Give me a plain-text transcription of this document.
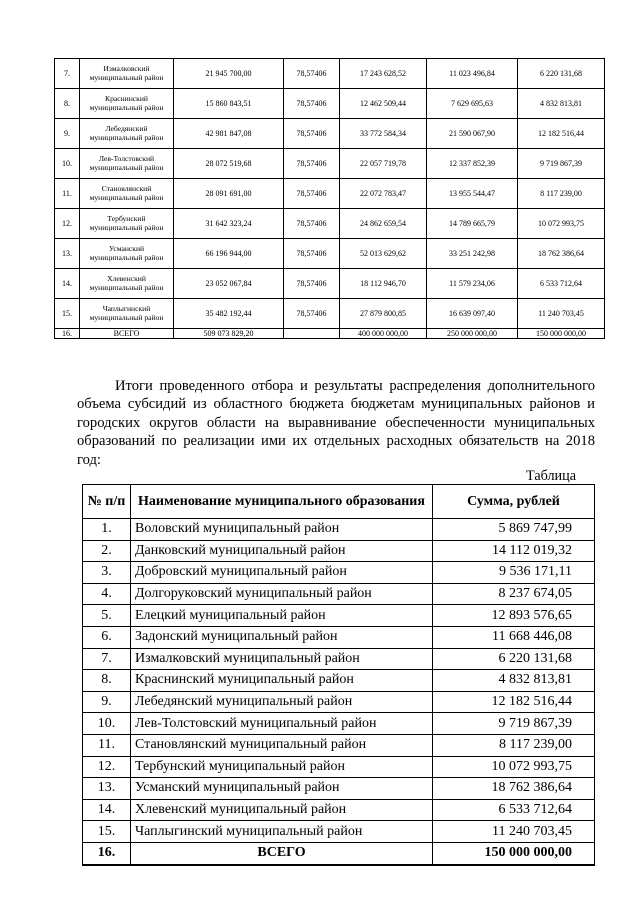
7.	Измалковский муниципальный район	21 945 700,00	78,57406	17 243 628,52	11 023 496,84	6 220 131,68
8.	Краснинский муниципальный район	15 860 843,51	78,57406	12 462 509,44	7 629 695,63	4 832 813,81
9.	Лебедянский муниципальный район	42 981 847,08	78,57406	33 772 584,34	21 590 067,90	12 182 516,44
10.	Лев-Толстовский муниципальный район	28 072 519,68	78,57406	22 057 719,78	12 337 852,39	9 719 867,39
11.	Становлянский муниципальный район	28 091 691,00	78,57406	22 072 783,47	13 955 544,47	8 117 239,00
12.	Тербунский муниципальный район	31 642 323,24	78,57406	24 862 659,54	14 789 665,79	10 072 993,75
13.	Усманский муниципальный район	66 196 944,00	78,57406	52 013 629,62	33 251 242,98	18 762 386,64
14.	Хлевенский муниципальный район	23 052 067,84	78,57406	18 112 946,70	11 579 234,06	6 533 712,64
15.	Чаплыгинский муниципальный район	35 482 192,44	78,57406	27 879 800,85	16 639 097,40	11 240 703,45
16.	ВСЕГО	509 073 829,20		400 000 000,00	250 000 000,00	150 000 000,00

Итоги проведенного отбора и результаты распределения дополнительного объема субсидий из областного бюджета бюджетам муниципальных районов и городских округов области на выравнивание обеспеченности муниципальных образований по реализации ими их отдельных расходных обязательств на 2018 год:

Таблица
№ п/п	Наименование муниципального образования	Сумма, рублей
1.	Воловский муниципальный район	5 869 747,99
2.	Данковский муниципальный район	14 112 019,32
3.	Добровский муниципальный район	9 536 171,11
4.	Долгоруковский муниципальный район	8 237 674,05
5.	Елецкий муниципальный район	12 893 576,65
6.	Задонский муниципальный район	11 668 446,08
7.	Измалковский муниципальный район	6 220 131,68
8.	Краснинский муниципальный район	4 832 813,81
9.	Лебедянский муниципальный район	12 182 516,44
10.	Лев-Толстовский муниципальный район	9 719 867,39
11.	Становлянский муниципальный район	8 117 239,00
12.	Тербунский муниципальный район	10 072 993,75
13.	Усманский муниципальный район	18 762 386,64
14.	Хлевенский муниципальный район	6 533 712,64
15.	Чаплыгинский муниципальный район	11 240 703,45
16.	ВСЕГО	150 000 000,00
